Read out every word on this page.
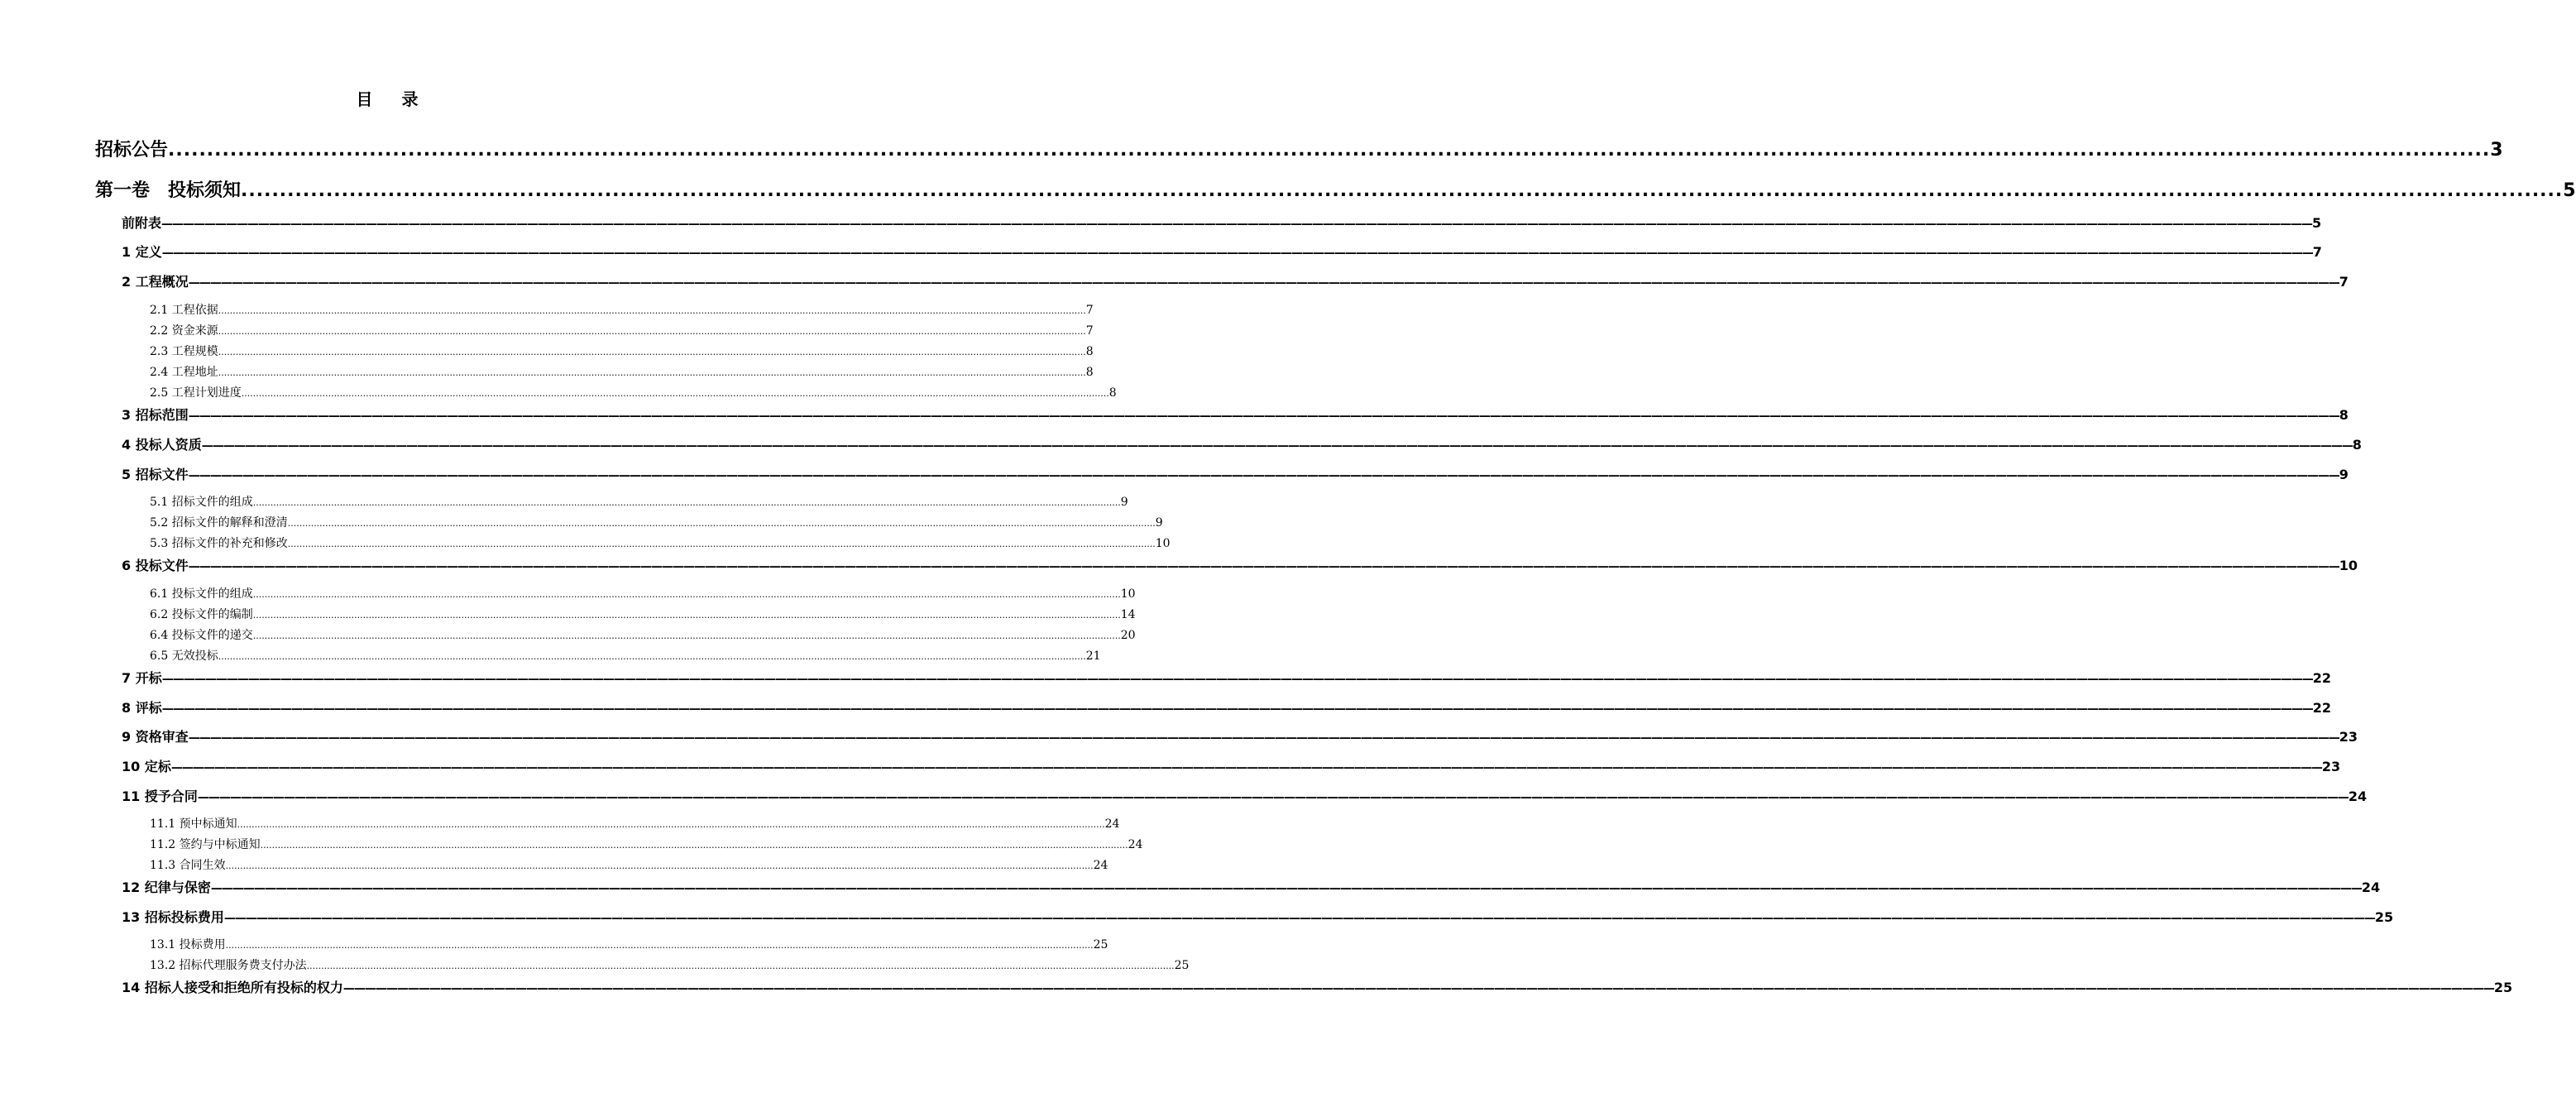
目 录
招标公告 ............................................................................................................................................................................................................................................................................................................ 3
第一卷　投标须知 ............................................................................................................................................................................................................................................................................................................ 5
前附表 ———————————————————————————————————————————————————————————————————————————————————————————————————————————————————————————————————————————————————————————————————————————————————————————————————————— 5
1 定义 ———————————————————————————————————————————————————————————————————————————————————————————————————————————————————————————————————————————————————————————————————————————————————————————————————————— 7
2 工程概况 ———————————————————————————————————————————————————————————————————————————————————————————————————————————————————————————————————————————————————————————————————————————————————————————————————————— 7
2.1 工程依据 ............................................................................................................................................................................................................................................................................................................ 7
2.2 资金来源 ............................................................................................................................................................................................................................................................................................................ 7
2.3 工程规模 ............................................................................................................................................................................................................................................................................................................ 8
2.4 工程地址 ............................................................................................................................................................................................................................................................................................................ 8
2.5 工程计划进度 ............................................................................................................................................................................................................................................................................................................ 8
3 招标范围 ———————————————————————————————————————————————————————————————————————————————————————————————————————————————————————————————————————————————————————————————————————————————————————————————————————— 8
4 投标人资质 ———————————————————————————————————————————————————————————————————————————————————————————————————————————————————————————————————————————————————————————————————————————————————————————————————————— 8
5 招标文件 ———————————————————————————————————————————————————————————————————————————————————————————————————————————————————————————————————————————————————————————————————————————————————————————————————————— 9
5.1 招标文件的组成 ............................................................................................................................................................................................................................................................................................................ 9
5.2 招标文件的解释和澄清 ............................................................................................................................................................................................................................................................................................................ 9
5.3 招标文件的补充和修改 ............................................................................................................................................................................................................................................................................................................ 10
6 投标文件 ———————————————————————————————————————————————————————————————————————————————————————————————————————————————————————————————————————————————————————————————————————————————————————————————————————— 10
6.1 投标文件的组成 ............................................................................................................................................................................................................................................................................................................ 10
6.2 投标文件的编制 ............................................................................................................................................................................................................................................................................................................ 14
6.4 投标文件的递交 ............................................................................................................................................................................................................................................................................................................ 20
6.5 无效投标 ............................................................................................................................................................................................................................................................................................................ 21
7 开标 ———————————————————————————————————————————————————————————————————————————————————————————————————————————————————————————————————————————————————————————————————————————————————————————————————————— 22
8 评标 ———————————————————————————————————————————————————————————————————————————————————————————————————————————————————————————————————————————————————————————————————————————————————————————————————————— 22
9 资格审查 ———————————————————————————————————————————————————————————————————————————————————————————————————————————————————————————————————————————————————————————————————————————————————————————————————————— 23
10 定标 ———————————————————————————————————————————————————————————————————————————————————————————————————————————————————————————————————————————————————————————————————————————————————————————————————————— 23
11 授予合同 ———————————————————————————————————————————————————————————————————————————————————————————————————————————————————————————————————————————————————————————————————————————————————————————————————————— 24
11.1 预中标通知 ............................................................................................................................................................................................................................................................................................................ 24
11.2 签约与中标通知 ............................................................................................................................................................................................................................................................................................................ 24
11.3 合同生效 ............................................................................................................................................................................................................................................................................................................ 24
12 纪律与保密 ———————————————————————————————————————————————————————————————————————————————————————————————————————————————————————————————————————————————————————————————————————————————————————————————————————— 24
13 招标投标费用 ———————————————————————————————————————————————————————————————————————————————————————————————————————————————————————————————————————————————————————————————————————————————————————————————————————— 25
13.1 投标费用 ............................................................................................................................................................................................................................................................................................................ 25
13.2 招标代理服务费支付办法 ............................................................................................................................................................................................................................................................................................................ 25
14 招标人接受和拒绝所有投标的权力 ———————————————————————————————————————————————————————————————————————————————————————————————————————————————————————————————————————————————————————————————————————————————————————————————————————— 25
